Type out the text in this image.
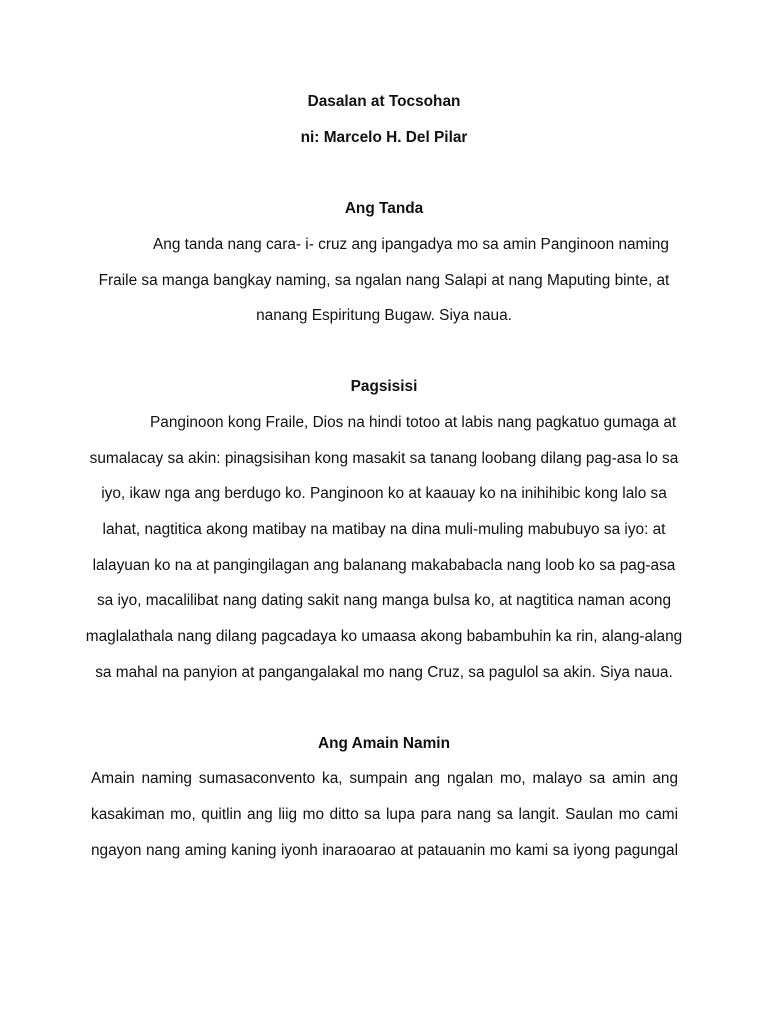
Dasalan at Tocsohan
ni: Marcelo H. Del Pilar
Ang Tanda
Ang tanda nang cara- i- cruz ang ipangadya mo sa amin Panginoon naming
Fraile sa manga bangkay naming, sa ngalan nang Salapi at nang Maputing binte, at
nanang Espiritung Bugaw. Siya naua.
Pagsisisi
Panginoon kong Fraile, Dios na hindi totoo at labis nang pagkatuo gumaga at
sumalacay sa akin: pinagsisihan kong masakit sa tanang loobang dilang pag-asa lo sa
iyo, ikaw nga ang berdugo ko. Panginoon ko at kaauay ko na inihihibic kong lalo sa
lahat, nagtitica akong matibay na matibay na dina muli-muling mabubuyo sa iyo: at
lalayuan ko na at pangingilagan ang balanang makababacla nang loob ko sa pag-asa
sa iyo, macalilibat nang dating sakit nang manga bulsa ko, at nagtitica naman acong
maglalathala nang dilang pagcadaya ko umaasa akong babambuhin ka rin, alang-alang
sa mahal na panyion at pangangalakal mo nang Cruz, sa pagulol sa akin. Siya naua.
Ang Amain Namin
Amain naming sumasaconvento ka, sumpain ang ngalan mo, malayo sa amin ang
kasakiman mo, quitlin ang liig mo ditto sa lupa para nang sa langit. Saulan mo cami
ngayon nang aming kaning iyonh inaraoarao at patauanin mo kami sa iyong pagungal
